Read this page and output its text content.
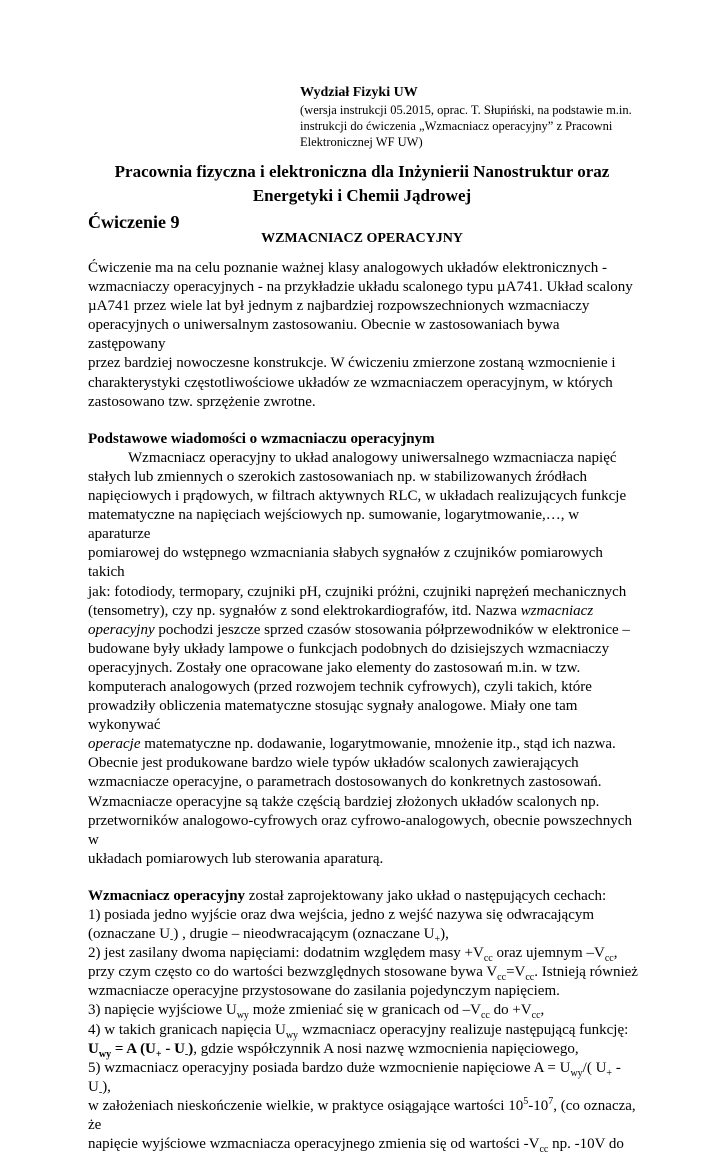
Wydział Fizyki UW
(wersja instrukcji 05.2015, oprac. T. Słupiński, na podstawie m.in.
instrukcji do ćwiczenia „Wzmacniacz operacyjny” z Pracowni
Elektronicznej WF UW)
Pracownia fizyczna i elektroniczna dla Inżynierii Nanostruktur oraz
Energetyki i Chemii Jądrowej
Ćwiczenie 9
WZMACNIACZ OPERACYJNY

Ćwiczenie ma na celu poznanie ważnej klasy analogowych układów elektronicznych -

wzmacniaczy operacyjnych - na przykładzie układu scalonego typu µA741. Układ scalony

µA741 przez wiele lat był jednym z najbardziej rozpowszechnionych wzmacniaczy

operacyjnych o uniwersalnym zastosowaniu. Obecnie w zastosowaniach bywa zastępowany

przez bardziej nowoczesne konstrukcje. W ćwiczeniu zmierzone zostaną wzmocnienie i

charakterystyki częstotliwościowe układów ze wzmacniaczem operacyjnym, w których

zastosowano tzw. sprzężenie zwrotne.

Podstawowe wiadomości o wzmacniaczu operacyjnym

Wzmacniacz operacyjny to układ analogowy uniwersalnego wzmacniacza napięć

stałych lub zmiennych o szerokich zastosowaniach np. w stabilizowanych źródłach

napięciowych i prądowych, w filtrach aktywnych RLC, w układach realizujących funkcje

matematyczne na napięciach wejściowych np. sumowanie, logarytmowanie,…, w aparaturze

pomiarowej do wstępnego wzmacniania słabych sygnałów z czujników pomiarowych takich

jak: fotodiody, termopary, czujniki pH, czujniki próżni, czujniki naprężeń mechanicznych

(tensometry), czy np. sygnałów z sond elektrokardiografów, itd. Nazwa wzmacniacz

operacyjny pochodzi jeszcze sprzed czasów stosowania półprzewodników w elektronice –

budowane były układy lampowe o funkcjach podobnych do dzisiejszych wzmacniaczy

operacyjnych. Zostały one opracowane jako elementy do zastosowań m.in. w tzw.

komputerach analogowych (przed rozwojem technik cyfrowych), czyli takich, które

prowadziły obliczenia matematyczne stosując sygnały analogowe. Miały one tam wykonywać

operacje matematyczne np. dodawanie, logarytmowanie, mnożenie itp., stąd ich nazwa.

Obecnie jest produkowane bardzo wiele typów układów scalonych zawierających

wzmacniacze operacyjne, o parametrach dostosowanych do konkretnych zastosowań.

Wzmacniacze operacyjne są także częścią bardziej złożonych układów scalonych np.

przetworników analogowo-cyfrowych oraz cyfrowo-analogowych, obecnie powszechnych w

układach pomiarowych lub sterowania aparaturą.

Wzmacniacz operacyjny został zaprojektowany jako układ o następujących cechach:

1) posiada jedno wyjście oraz dwa wejścia, jedno z wejść nazywa się odwracającym

(oznaczane $U_-$) , drugie – nieodwracającym (oznaczane $U_+$),

2) jest zasilany dwoma napięciami: dodatnim względem masy $+V_{cc}$ oraz ujemnym $-V_{cc}$,

przy czym często co do wartości bezwzględnych stosowane bywa $V_{cc}=V_{cc}$. Istnieją również

wzmacniacze operacyjne przystosowane do zasilania pojedynczym napięciem.

3) napięcie wyjściowe $U_{wy}$ może zmieniać się w granicach od $-V_{cc}$ do $+V_{cc}$,

4) w takich granicach napięcia $U_{wy}$ wzmacniacz operacyjny realizuje następującą funkcję:

$U_{wy} = A$ $(U_+ - U_-)$, gdzie współczynnik A nosi nazwę wzmocnienia napięciowego,

5) wzmacniacz operacyjny posiada bardzo duże wzmocnienie napięciowe $A = U_{wy}/$( $U_+ - U_-$),

w założeniach nieskończenie wielkie, w praktyce osiągające wartości $10^5-10^7$, (co oznacza, że

napięcie wyjściowe wzmacniacza operacyjnego zmienia się od wartości $-V_{cc}$ np. -10V do
